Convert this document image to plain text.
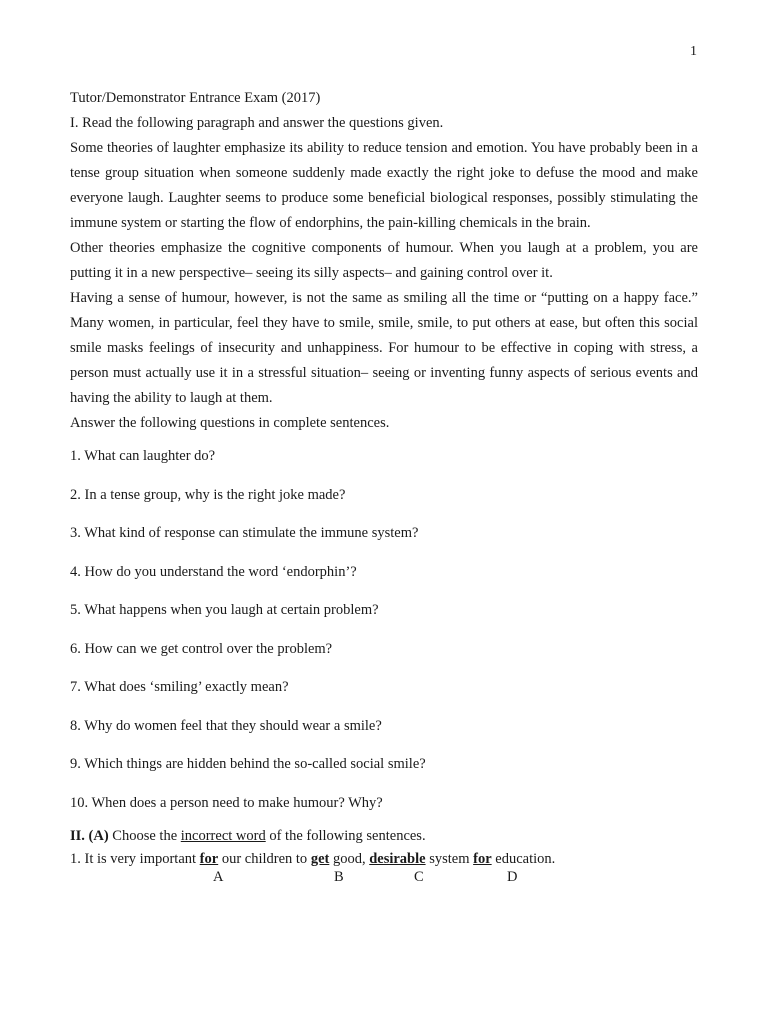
1

Tutor/Demonstrator Entrance Exam (2017)

I. Read the following paragraph and answer the questions given.

Some theories of laughter emphasize its ability to reduce tension and emotion. You have probably been in a tense group situation when someone suddenly made exactly the right joke to defuse the mood and make everyone laugh. Laughter seems to produce some beneficial biological responses, possibly stimulating the immune system or starting the flow of endorphins, the pain-killing chemicals in the brain.

Other theories emphasize the cognitive components of humour. When you laugh at a problem, you are putting it in a new perspective– seeing its silly aspects– and gaining control over it.

Having a sense of humour, however, is not the same as smiling all the time or “putting on a happy face.” Many women, in particular, feel they have to smile, smile, smile, to put others at ease, but often this social smile masks feelings of insecurity and unhappiness. For humour to be effective in coping with stress, a person must actually use it in a stressful situation– seeing or inventing funny aspects of serious events and having the ability to laugh at them.

Answer the following questions in complete sentences.

1. What can laughter do?

2. In a tense group, why is the right joke made?

3. What kind of response can stimulate the immune system?

4. How do you understand the word ‘endorphin’?

5. What happens when you laugh at certain problem?

6. How can we get control over the problem?

7. What does ‘smiling’ exactly mean?

8. Why do women feel that they should wear a smile?

9. Which things are hidden behind the so-called social smile?

10. When does a person need to make humour? Why?

II. (A) Choose the incorrect word of the following sentences.

1. It is very important for our children to get good, desirable system for education.

A	B	C	D
